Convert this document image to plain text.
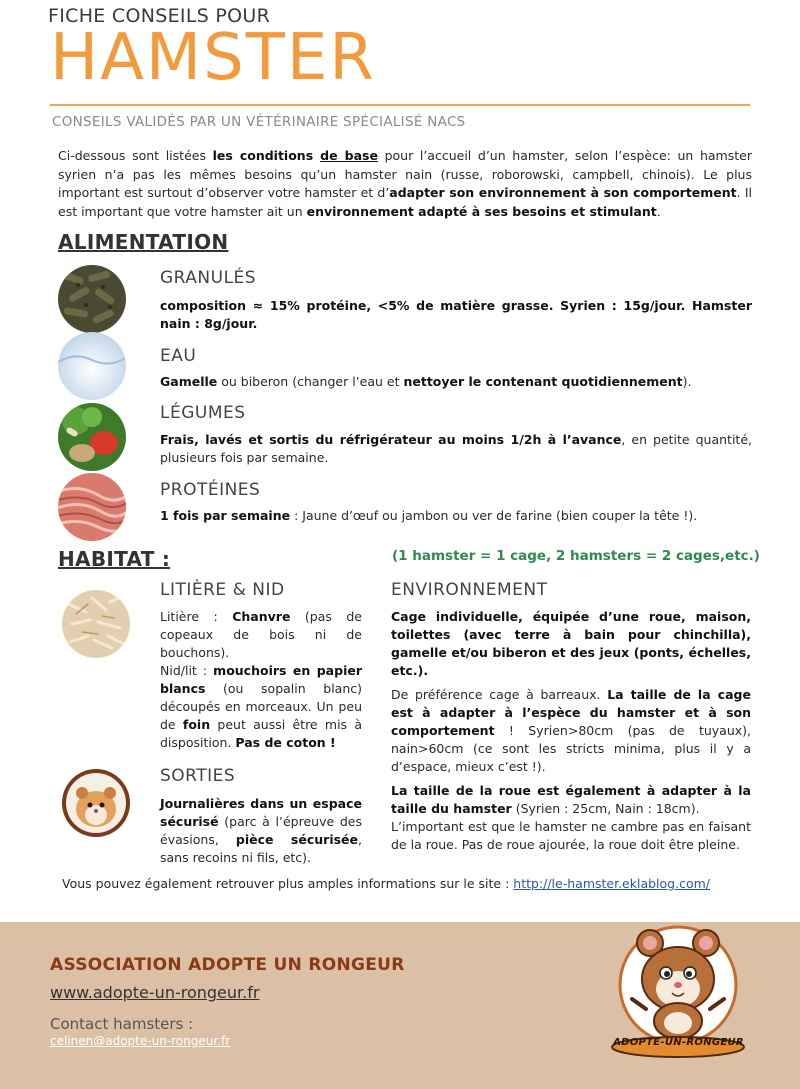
FICHE CONSEILS POUR
HAMSTER
CONSEILS VALIDÉS PAR UN VÉTÉRINAIRE SPÉCIALISÉ NACS
Ci-dessous sont listées les conditions de base pour l’accueil d’un hamster, selon l’espèce: un hamster syrien n’a pas les mêmes besoins qu’un hamster nain (russe, roborowski, campbell, chinois). Le plus important est surtout d’observer votre hamster et d’adapter son environnement à son comportement. Il est important que votre hamster ait un environnement adapté à ses besoins et stimulant.
ALIMENTATION
GRANULÉS
composition ≈ 15% protéine, <5% de matière grasse. Syrien : 15g/jour. Hamster nain : 8g/jour.
EAU
Gamelle ou biberon (changer l’eau et nettoyer le contenant quotidiennement).
LÉGUMES
Frais, lavés et sortis du réfrigérateur au moins 1/2h à l’avance, en petite quantité, plusieurs fois par semaine.
PROTÉINES
1 fois par semaine : Jaune d’œuf ou jambon ou ver de farine (bien couper la tête !).
HABITAT :	(1 hamster = 1 cage, 2 hamsters = 2 cages,etc.)
LITIÈRE & NID
Litière : Chanvre (pas de copeaux de bois ni de bouchons).
Nid/lit : mouchoirs en papier blancs (ou sopalin blanc) découpés en morceaux. Un peu de foin peut aussi être mis à disposition. Pas de coton !
SORTIES
Journalières dans un espace sécurisé (parc à l’épreuve des évasions, pièce sécurisée, sans recoins ni fils, etc).
ENVIRONNEMENT
Cage individuelle, équipée d’une roue, maison, toilettes (avec terre à bain pour chinchilla), gamelle et/ou biberon et des jeux (ponts, échelles, etc.).
De préférence cage à barreaux. La taille de la cage est à adapter à l’espèce du hamster et à son comportement ! Syrien>80cm (pas de tuyaux), nain>60cm (ce sont les stricts minima, plus il y a d’espace, mieux c’est !).
La taille de la roue est également à adapter à la taille du hamster (Syrien : 25cm, Nain : 18cm).
L’important est que le hamster ne cambre pas en faisant de la roue. Pas de roue ajourée, la roue doit être pleine.
Vous pouvez également retrouver plus amples informations sur le site : http://le-hamster.eklablog.com/
ASSOCIATION ADOPTE UN RONGEUR
www.adopte-un-rongeur.fr
Contact hamsters :
celinen@adopte-un-rongeur.fr	ADOPTE-UN-RONGEUR
